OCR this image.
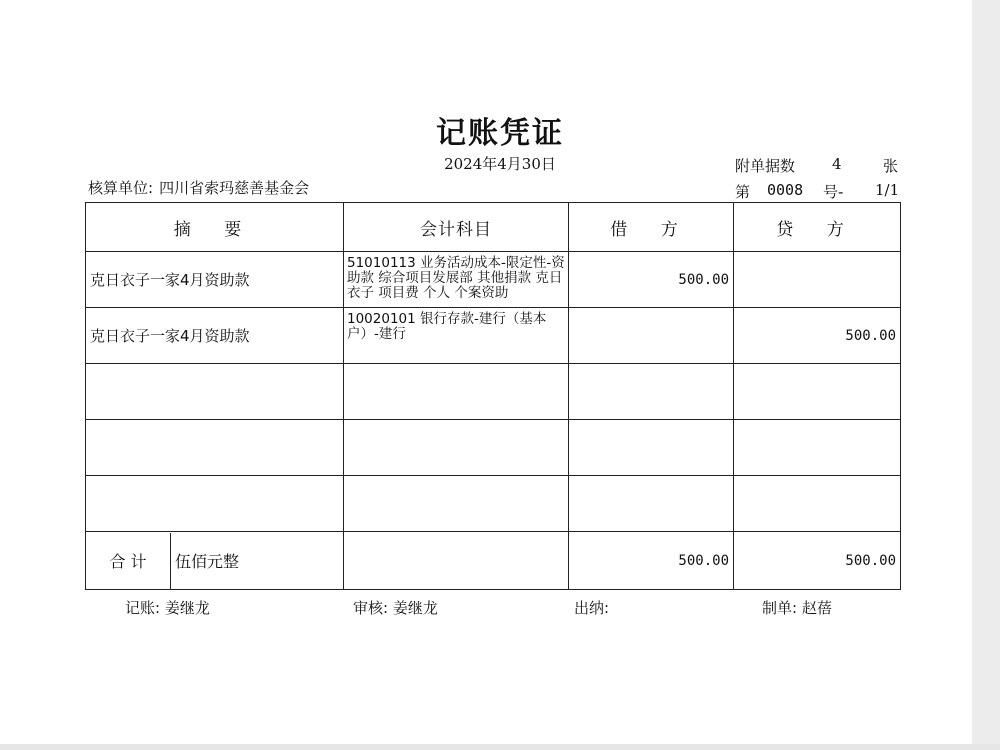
记账凭证
2024年4月30日
核算单位: 四川省索玛慈善基金会
附单据数 4	张
第 0008 号- 1/1
摘 要	会计科目	借 方	贷 方
克日衣子一家4月资助款	51010113 业务活动成本-限定性-资助款 综合项目发展部 其他捐款 克日衣子 项目费 个人 个案资助	500.00	
克日衣子一家4月资助款	10020101 银行存款-建行（基本户）-建行		500.00

合 计 伍佰元整		500.00	500.00
记账: 姜继龙	审核: 姜继龙	出纳:	制单: 赵蓓
